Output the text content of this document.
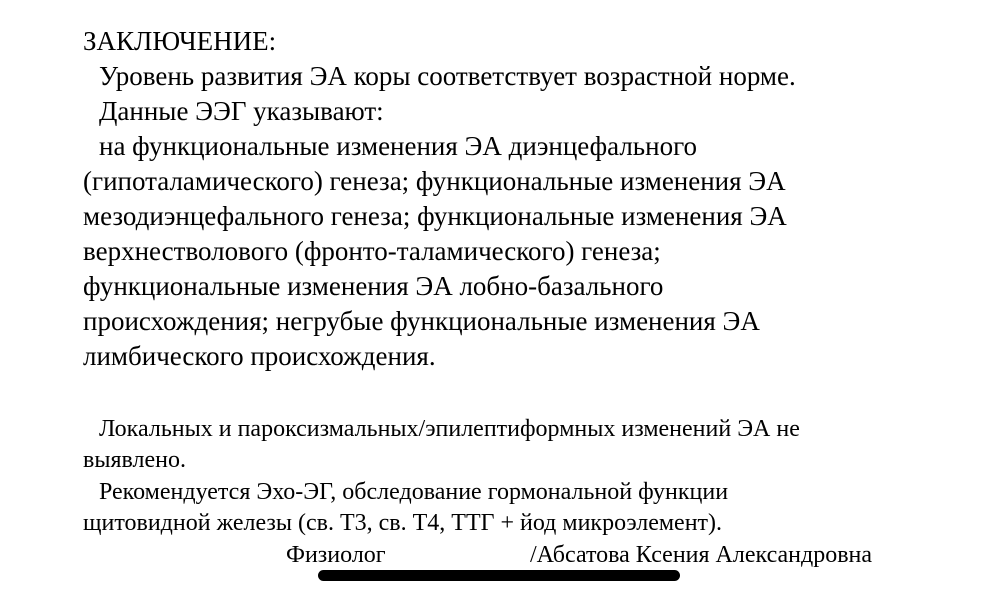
ЗАКЛЮЧЕНИЕ:
Уровень развития ЭА коры соответствует возрастной норме.
Данные ЭЭГ указывают:
на функциональные изменения ЭА диэнцефального
(гипоталамического) генеза; функциональные изменения ЭА
мезодиэнцефального генеза; функциональные изменения ЭА
верхнестволового (фронто-таламического) генеза;
функциональные изменения ЭА лобно-базального
происхождения; негрубые функциональные изменения ЭА
лимбического происхождения.
Локальных и пароксизмальных/эпилептиформных изменений ЭА не
выявлено.
Рекомендуется Эхо-ЭГ, обследование гормональной функции
щитовидной железы (св. Т3, св. Т4, ТТГ + йод микроэлемент).
Физиолог	/Абсатова Ксения Александровна
